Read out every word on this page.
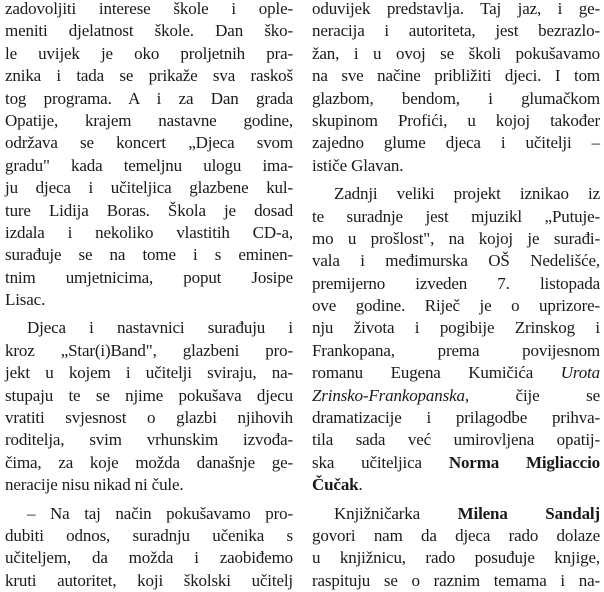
zadovoljiti interese škole i ople-
meniti djelatnost škole. Dan ško-
le uvijek je oko proljetnih pra-
znika i tada se prikaže sva raskoš
tog programa. A i za Dan grada
Opatije, krajem nastavne godine,
održava se koncert „Djeca svom
gradu" kada temeljnu ulogu ima-
ju djeca i učiteljica glazbene kul-
ture Lidija Boras. Škola je dosad
izdala i nekoliko vlastitih CD-a,
surađuje se na tome i s eminen-
tnim umjetnicima, poput Josipe
Lisac.
Djeca i nastavnici surađuju i
kroz „Star(i)Band", glazbeni pro-
jekt u kojem i učitelji sviraju, na-
stupaju te se njime pokušava djecu
vratiti svjesnost o glazbi njihovih
roditelja, svim vrhunskim izvođa-
čima, za koje možda današnje ge-
neracije nisu nikad ni čule.
– Na taj način pokušavamo pro-
dubiti odnos, suradnju učenika s
učiteljem, da možda i zaobiđemo
kruti autoritet, koji školski učitelj
oduvijek predstavlja. Taj jaz, i ge-
neracija i autoriteta, jest bezrazlo-
žan, i u ovoj se školi pokušavamo
na sve načine približiti djeci. I tom
glazbom, bendom, i glumačkom
skupinom Profići, u kojoj također
zajedno glume djeca i učitelji –
ističe Glavan.
Zadnji veliki projekt iznikao iz
te suradnje jest mjuzikl „Putuje-
mo u prošlost", na kojoj je surađi-
vala i međimurska OŠ Nedelišće,
premijerno izveden 7. listopada
ove godine. Riječ je o uprizore-
nju života i pogibije Zrinskog i
Frankopana, prema povijesnom
romanu Eugena Kumičića Urota
Zrinsko-Frankopanska, čije se
dramatizacije i prilagodbe prihva-
tila sada već umirovljena opatij-
ska učiteljica Norma Migliaccio
Čučak.
Knjižničarka Milena Sandalj
govori nam da djeca rado dolaze
u knjižnicu, rado posuđuje knjige,
raspituju se o raznim temama i na-
